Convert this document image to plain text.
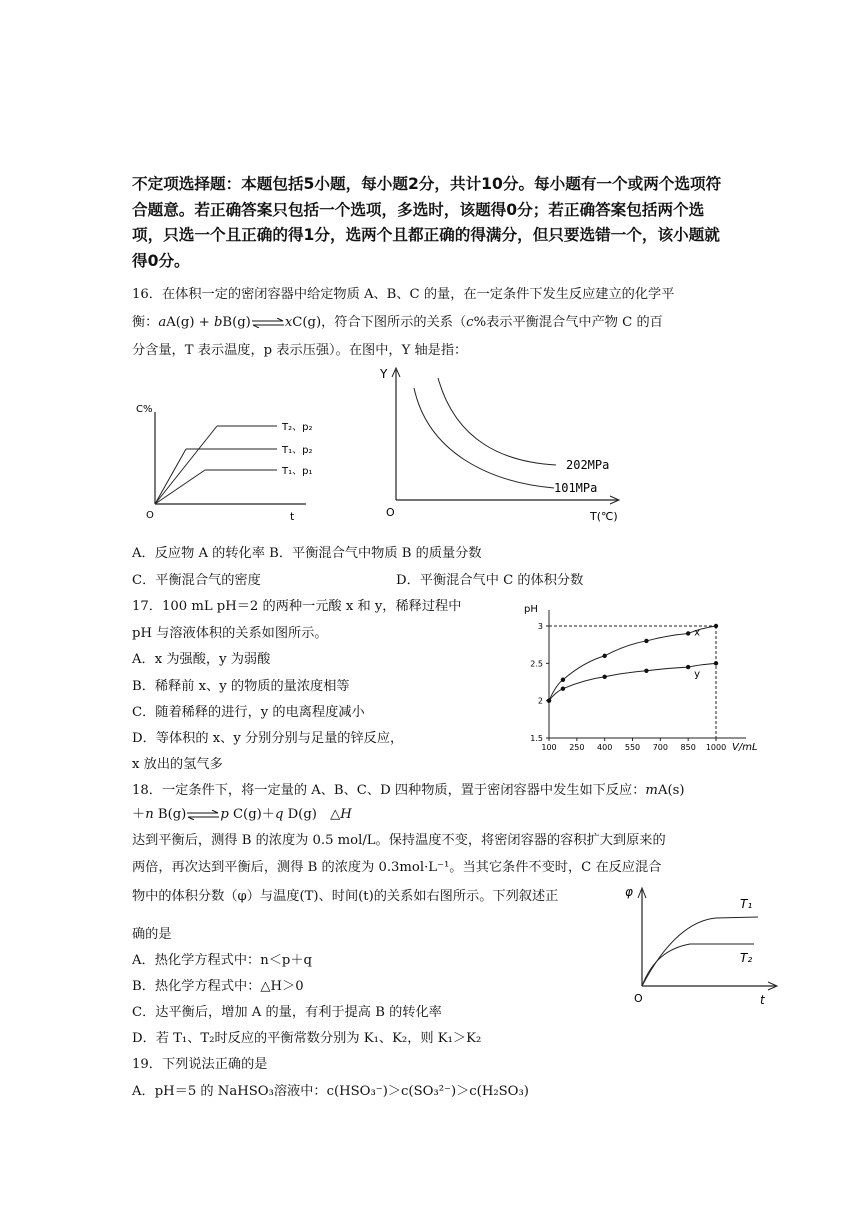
不定项选择题：本题包括5小题，每小题2分，共计10分。每小题有一个或两个选项符合题意。若正确答案只包括一个选项，多选时，该题得0分；若正确答案包括两个选项，只选一个且正确的得1分，选两个且都正确的得满分，但只要选错一个，该小题就得0分。
16．在体积一定的密闭容器中给定物质 A、B、C 的量，在一定条件下发生反应建立的化学平
衡：aA(g) + bB(g)⇌xC(g)，符合下图所示的关系（c%表示平衡混合气中产物 C 的百
分含量，T 表示温度，p 表示压强）。在图中，Y 轴是指：
C%
O	t
T₂、p₂
T₁、p₂
T₁、p₁
Y
O	T(℃)
202MPa
101MPa
A．反应物 A 的转化率 B．平衡混合气中物质 B 的质量分数
C．平衡混合气的密度	D．平衡混合气中 C 的体积分数
17．100 mL pH＝2 的两种一元酸 x 和 y，稀释过程中
pH 与溶液体积的关系如图所示。
A．x 为强酸，y 为弱酸
B．稀释前 x、y 的物质的量浓度相等
C．随着稀释的进行，y 的电离程度减小
D．等体积的 x、y 分别分别与足量的锌反应，
x 放出的氢气多
pH
V/mL
100 250 400 550 700 850 1000
1.5
2
2.5
3
x
y
18．一定条件下，将一定量的 A、B、C、D 四种物质，置于密闭容器中发生如下反应：mA(s)
＋n B(g)⇌p C(g)＋q D(g)　△H
达到平衡后，测得 B 的浓度为 0.5 mol/L。保持温度不变，将密闭容器的容积扩大到原来的
两倍，再次达到平衡后，测得 B 的浓度为 0.3mol·L⁻¹。当其它条件不变时，C 在反应混合
物中的体积分数（φ）与温度(T)、时间(t)的关系如右图所示。下列叙述正
确的是
A．热化学方程式中：n＜p＋q
B．热化学方程式中：△H＞0
C．达平衡后，增加 A 的量，有利于提高 B 的转化率
D．若 T₁、T₂时反应的平衡常数分别为 K₁、K₂，则 K₁＞K₂
φ
O	t
T₁
T₂
19．下列说法正确的是
A．pH＝5 的 NaHSO₃溶液中：c(HSO₃⁻)＞c(SO₃²⁻)＞c(H₂SO₃)
